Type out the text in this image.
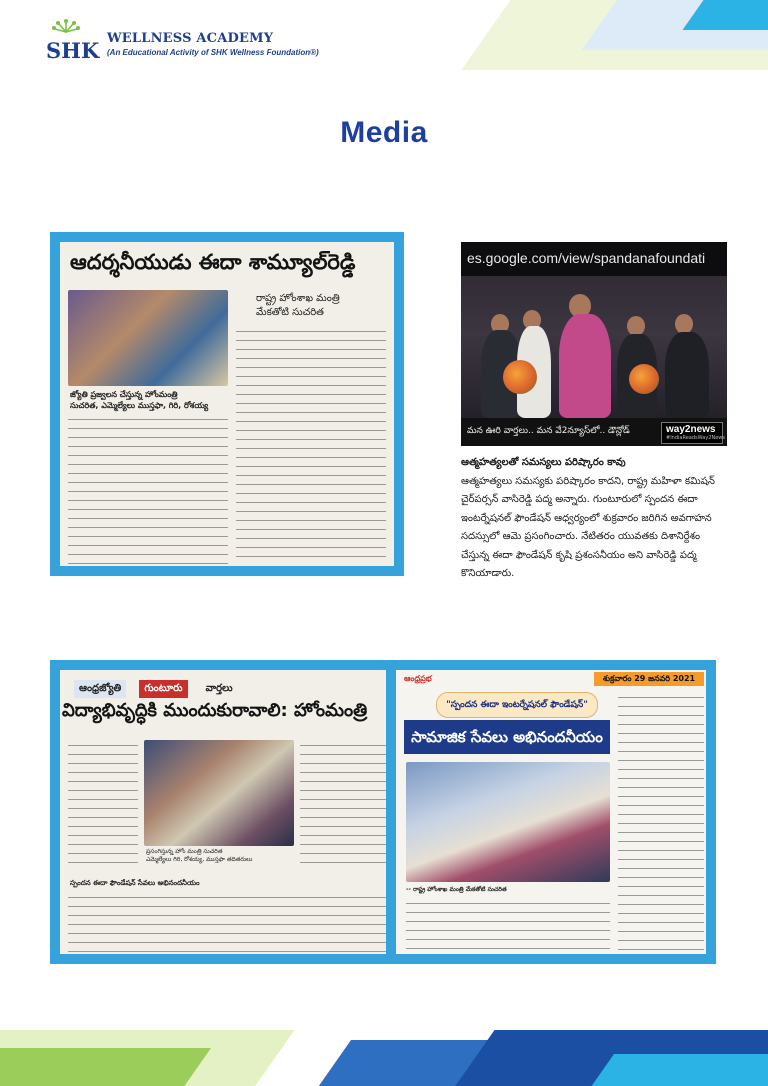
SHK WELLNESS ACADEMY
(An Educational Activity of SHK Wellness Foundation®)
Media
ఆదర్శనీయుడు ఈదా శామ్యూల్‌రెడ్డి
రాష్ట్ర హోంశాఖ మంత్రి
మేకతోటి సుచరిత
జ్యోతి ప్రజ్వలన చేస్తున్న హోంమంత్రి
సుచరిత, ఎమ్మెల్యేలు ముస్తఫా, గిరి, రోశయ్య
es.google.com/view/spandanafoundati
మన ఊరి వార్తలు.. మన వే2న్యూస్‌లో.. డౌన్లోడ్	way2news
#IndiaReadsWay2News
ఆత్మహత్యలతో సమస్యలు పరిష్కారం కావు
ఆత్మహత్యలు సమస్యకు పరిష్కారం కాదని, రాష్ట్ర మహిళా కమిషన్ చైర్‌పర్సన్ వాసిరెడ్డి పద్మ అన్నారు. గుంటూరులో స్పందన ఈదా ఇంటర్నేషనల్ ఫౌండేషన్ ఆధ్వర్యంలో శుక్రవారం జరిగిన అవగాహన సదస్సులో ఆమె ప్రసంగించారు. నేటితరం యువతకు దిశానిర్దేశం చేస్తున్న ఈదా ఫౌండేషన్ కృషి ప్రశంసనీయం అని వాసిరెడ్డి పద్మ కొనియాడారు.
ఆంధ్రజ్యోతి గుంటూరు వార్తలు
విద్యాభివృద్ధికి ముందుకురావాలి: హోంమంత్రి
ప్రసంగిస్తున్న హోం మంత్రి సుచరిత
ఎమ్మెల్యేలు గిరి, రోశయ్య, ముస్తఫా తదితరులు
స్పందన ఈదా ఫౌండేషన్ సేవలు అభినందనీయం
ఆంధ్రప్రభ	శుక్రవారం 29 జనవరి 2021
"స్పందన ఈదా ఇంటర్నేషనల్ ఫౌండేషన్"
సామాజిక సేవలు అభినందనీయం
-- రాష్ట్ర హోంశాఖ మంత్రి మేకతోటి సుచరిత
